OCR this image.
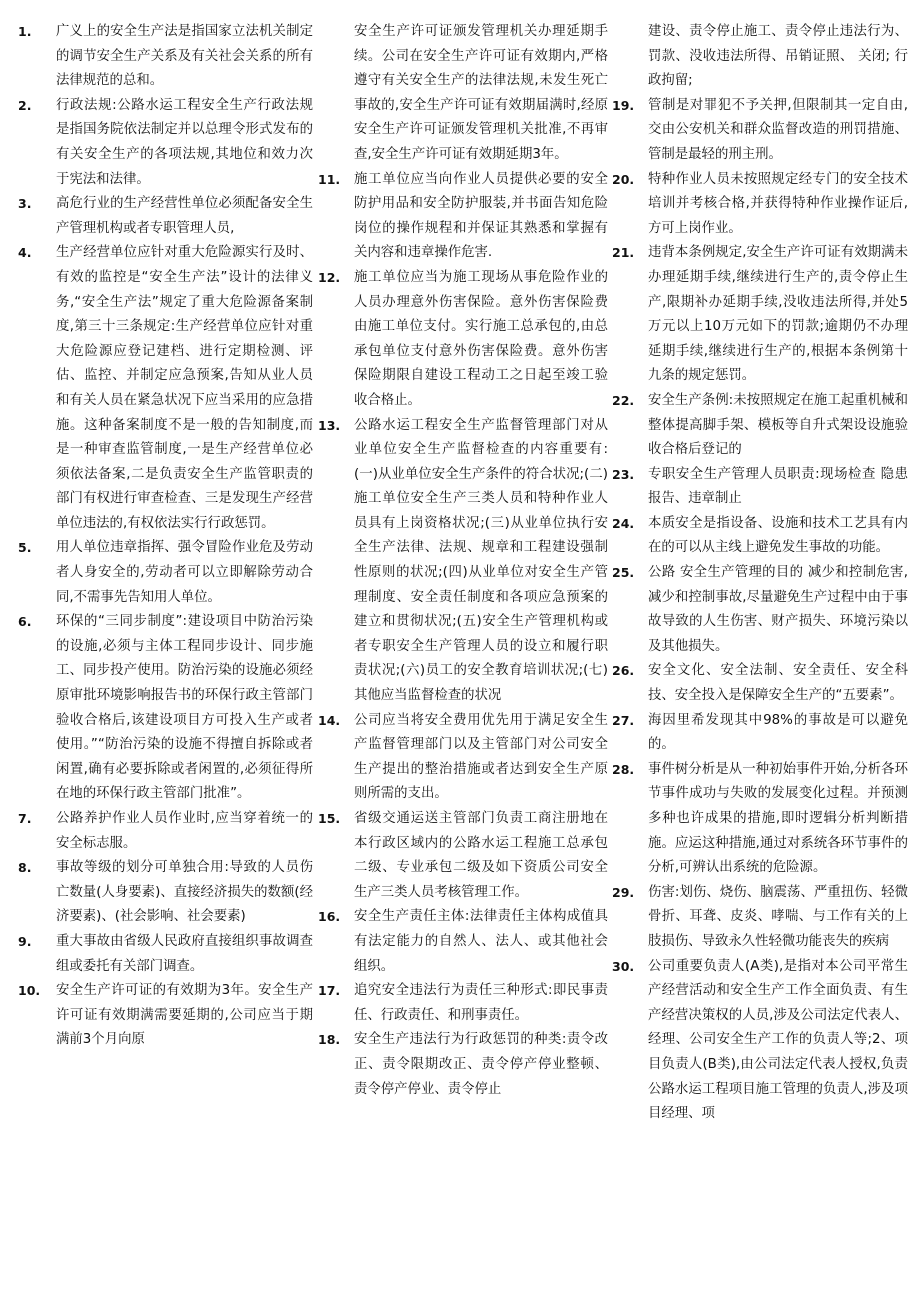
1.	广义上的安全生产法是指国家立法机关制定的调节安全生产关系及有关社会关系的所有法律规范的总和。
2.	行政法规:公路水运工程安全生产行政法规是指国务院依法制定并以总理令形式发布的有关安全生产的各项法规,其地位和效力次于宪法和法律。
3.	高危行业的生产经营性单位必须配备安全生产管理机构或者专职管理人员,
4.	生产经营单位应针对重大危险源实行及时、有效的监控是“安全生产法”设计的法律义务,“安全生产法”规定了重大危险源备案制度,第三十三条规定:生产经营单位应针对重大危险源应登记建档、进行定期检测、评估、监控、并制定应急预案,告知从业人员和有关人员在紧急状况下应当采用的应急措施。这种备案制度不是一般的告知制度,而是一种审查监管制度,一是生产经营单位必须依法备案,二是负责安全生产监管职责的部门有权进行审查检查、三是发现生产经营单位违法的,有权依法实行行政惩罚。
5.	用人单位违章指挥、强令冒险作业危及劳动者人身安全的,劳动者可以立即解除劳动合同,不需事先告知用人单位。
6.	环保的“三同步制度”:建设项目中防治污染的设施,必须与主体工程同步设计、同步施工、同步投产使用。防治污染的设施必须经原审批环境影响报告书的环保行政主管部门验收合格后,该建设项目方可投入生产或者使用。”“防治污染的设施不得擅自拆除或者闲置,确有必要拆除或者闲置的,必须征得所在地的环保行政主管部门批准”。
7.	公路养护作业人员作业时,应当穿着统一的安全标志服。
8.	事故等级的划分可单独合用:导致的人员伤亡数量(人身要素)、直接经济损失的数额(经济要素)、(社会影响、社会要素)
9.	重大事故由省级人民政府直接组织事故调查组或委托有关部门调查。
10.	安全生产许可证的有效期为3年。安全生产许可证有效期满需要延期的,公司应当于期满前3个月向原
安全生产许可证颁发管理机关办理延期手续。公司在安全生产许可证有效期内,严格遵守有关安全生产的法律法规,未发生死亡事故的,安全生产许可证有效期届满时,经原安全生产许可证颁发管理机关批准,不再审查,安全生产许可证有效期延期3年。
11.	施工单位应当向作业人员提供必要的安全防护用品和安全防护服装,并书面告知危险岗位的操作规程和并保证其熟悉和掌握有关内容和违章操作危害.
12.	施工单位应当为施工现场从事危险作业的人员办理意外伤害保险。意外伤害保险费由施工单位支付。实行施工总承包的,由总承包单位支付意外伤害保险费。意外伤害保险期限自建设工程动工之日起至竣工验收合格止。
13.	公路水运工程安全生产监督管理部门对从业单位安全生产监督检查的内容重要有:(一)从业单位安全生产条件的符合状况;(二)施工单位安全生产三类人员和特种作业人员具有上岗资格状况;(三)从业单位执行安全生产法律、法规、规章和工程建设强制性原则的状况;(四)从业单位对安全生产管理制度、安全责任制度和各项应急预案的建立和贯彻状况;(五)安全生产管理机构或者专职安全生产管理人员的设立和履行职责状况;(六)员工的安全教育培训状况;(七)其他应当监督检查的状况
14.	公司应当将安全费用优先用于满足安全生产监督管理部门以及主管部门对公司安全生产提出的整治措施或者达到安全生产原则所需的支出。
15.	省级交通运送主管部门负责工商注册地在本行政区域内的公路水运工程施工总承包二级、专业承包二级及如下资质公司安全生产三类人员考核管理工作。
16.	安全生产责任主体:法律责任主体构成值具有法定能力的自然人、法人、或其他社会组织。
17.	追究安全违法行为责任三种形式:即民事责任、行政责任、和刑事责任。
18.	安全生产违法行为行政惩罚的种类:责令改正、责令限期改正、责令停产停业整顿、责令停产停业、责令停止
建设、责令停止施工、责令停止违法行为、罚款、没收违法所得、吊销证照、 关闭; 行政拘留;
19.	管制是对罪犯不予关押,但限制其一定自由,交由公安机关和群众监督改造的刑罚措施、管制是最轻的刑主刑。
20.	特种作业人员未按照规定经专门的安全技术培训并考核合格,并获得特种作业操作证后,方可上岗作业。
21.	违背本条例规定,安全生产许可证有效期满未办理延期手续,继续进行生产的,责令停止生产,限期补办延期手续,没收违法所得,并处5万元以上10万元如下的罚款;逾期仍不办理延期手续,继续进行生产的,根据本条例第十九条的规定惩罚。
22.	安全生产条例:未按照规定在施工起重机械和整体提高脚手架、模板等自升式架设设施验收合格后登记的
23.	专职安全生产管理人员职责:现场检查 隐患报告、违章制止
24.	本质安全是指设备、设施和技术工艺具有内在的可以从主线上避免发生事故的功能。
25.	公路 安全生产管理的目的 减少和控制危害,减少和控制事故,尽量避免生产过程中由于事故导致的人生伤害、财产损失、环境污染以及其他损失。
26.	安全文化、安全法制、安全责任、安全科技、安全投入是保障安全生产的“五要素”。
27.	海因里希发现其中98%的事故是可以避免的。
28.	事件树分析是从一种初始事件开始,分析各环节事件成功与失败的发展变化过程。并预测多种也许成果的措施,即时逻辑分析判断措施。应运这种措施,通过对系统各环节事件的分析,可辨认出系统的危险源。
29.	伤害:划伤、烧伤、脑震荡、严重扭伤、轻微骨折、耳聋、皮炎、哮喘、与工作有关的上肢损伤、导致永久性轻微功能丧失的疾病
30.	公司重要负责人(A类),是指对本公司平常生产经营活动和安全生产工作全面负责、有生产经营决策权的人员,涉及公司法定代表人、经理、公司安全生产工作的负责人等;2、项目负责人(B类),由公司法定代表人授权,负责公路水运工程项目施工管理的负责人,涉及项目经理、项
